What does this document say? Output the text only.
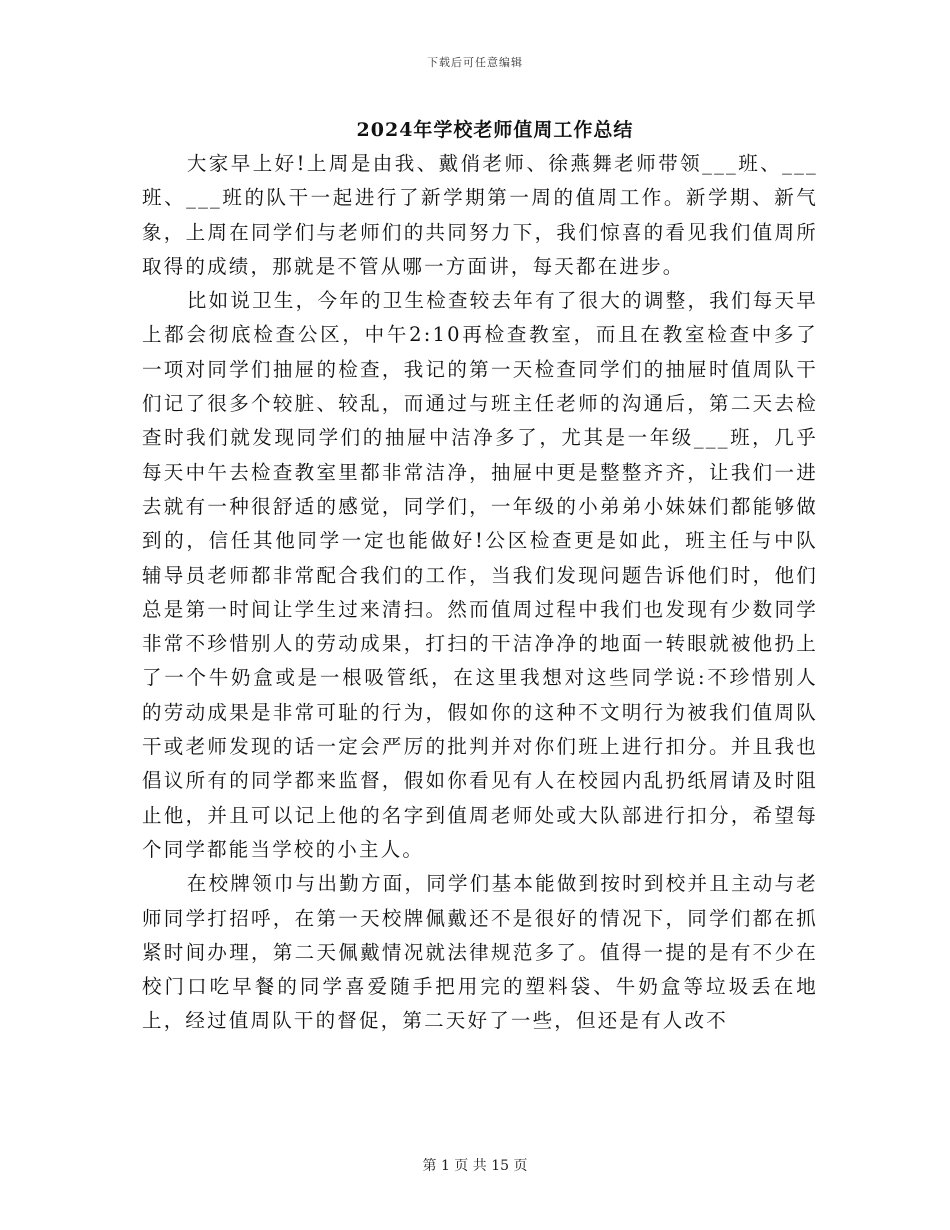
下载后可任意编辑
2024年学校老师值周工作总结

大家早上好!上周是由我、戴俏老师、徐燕舞老师带领___班、___班、___班的队干一起进行了新学期第一周的值周工作。新学期、新气象，上周在同学们与老师们的共同努力下，我们惊喜的看见我们值周所取得的成绩，那就是不管从哪一方面讲，每天都在进步。

比如说卫生，今年的卫生检查较去年有了很大的调整，我们每天早上都会彻底检查公区，中午2:10再检查教室，而且在教室检查中多了一项对同学们抽屉的检查，我记的第一天检查同学们的抽屉时值周队干们记了很多个较脏、较乱，而通过与班主任老师的沟通后，第二天去检查时我们就发现同学们的抽屉中洁净多了，尤其是一年级___班，几乎每天中午去检查教室里都非常洁净，抽屉中更是整整齐齐，让我们一进去就有一种很舒适的感觉，同学们，一年级的小弟弟小妹妹们都能够做到的，信任其他同学一定也能做好!公区检查更是如此，班主任与中队辅导员老师都非常配合我们的工作，当我们发现问题告诉他们时，他们总是第一时间让学生过来清扫。然而值周过程中我们也发现有少数同学非常不珍惜别人的劳动成果，打扫的干洁净净的地面一转眼就被他扔上了一个牛奶盒或是一根吸管纸，在这里我想对这些同学说:不珍惜别人的劳动成果是非常可耻的行为，假如你的这种不文明行为被我们值周队干或老师发现的话一定会严厉的批判并对你们班上进行扣分。并且我也倡议所有的同学都来监督，假如你看见有人在校园内乱扔纸屑请及时阻止他，并且可以记上他的名字到值周老师处或大队部进行扣分，希望每个同学都能当学校的小主人。

在校牌领巾与出勤方面，同学们基本能做到按时到校并且主动与老师同学打招呼，在第一天校牌佩戴还不是很好的情况下，同学们都在抓紧时间办理，第二天佩戴情况就法律规范多了。值得一提的是有不少在校门口吃早餐的同学喜爱随手把用完的塑料袋、牛奶盒等垃圾丢在地上，经过值周队干的督促，第二天好了一些，但还是有人改不

第 1 页 共 15 页
